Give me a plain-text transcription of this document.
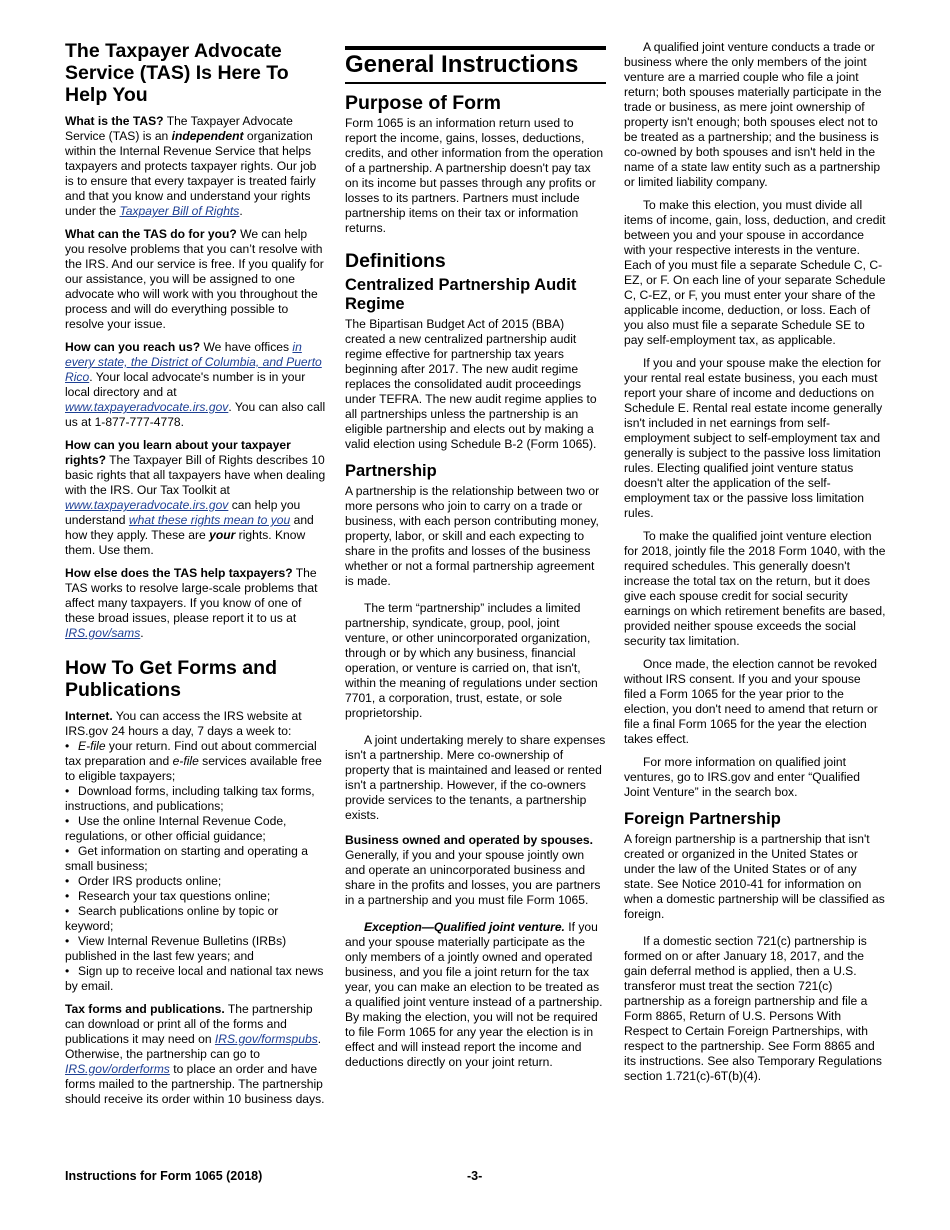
The Taxpayer Advocate Service (TAS) Is Here To Help You

What is the TAS? The Taxpayer Advocate Service (TAS) is an independent organization within the Internal Revenue Service that helps taxpayers and protects taxpayer rights. Our job is to ensure that every taxpayer is treated fairly and that you know and understand your rights under the Taxpayer Bill of Rights.

What can the TAS do for you? We can help you resolve problems that you can’t resolve with the IRS. And our service is free. If you qualify for our assistance, you will be assigned to one advocate who will work with you throughout the process and will do everything possible to resolve your issue.

How can you reach us? We have offices in every state, the District of Columbia, and Puerto Rico. Your local advocate's number is in your local directory and at www.taxpayeradvocate.irs.gov. You can also call us at 1-877-777-4778.

How can you learn about your taxpayer rights? The Taxpayer Bill of Rights describes 10 basic rights that all taxpayers have when dealing with the IRS. Our Tax Toolkit at www.taxpayeradvocate.irs.gov can help you understand what these rights mean to you and how they apply. These are your rights. Know them. Use them.

How else does the TAS help taxpayers? The TAS works to resolve large-scale problems that affect many taxpayers. If you know of one of these broad issues, please report it to us at IRS.gov/sams.

How To Get Forms and Publications
Internet. You can access the IRS website at IRS.gov 24 hours a day, 7 days a week to:
• E-file your return. Find out about commercial tax preparation and e-file services available free to eligible taxpayers;
• Download forms, including talking tax forms, instructions, and publications;
• Use the online Internal Revenue Code, regulations, or other official guidance;
• Get information on starting and operating a small business;
• Order IRS products online;
• Research your tax questions online;
• Search publications online by topic or keyword;
• View Internal Revenue Bulletins (IRBs) published in the last few years; and
• Sign up to receive local and national tax news by email.

Tax forms and publications. The partnership can download or print all of the forms and publications it may need on IRS.gov/formspubs. Otherwise, the partnership can go to IRS.gov/orderforms to place an order and have forms mailed to the partnership. The partnership should receive its order within 10 business days.

General Instructions
Purpose of Form

Form 1065 is an information return used to report the income, gains, losses, deductions, credits, and other information from the operation of a partnership. A partnership doesn't pay tax on its income but passes through any profits or losses to its partners. Partners must include partnership items on their tax or information returns.

Definitions
Centralized Partnership Audit Regime

The Bipartisan Budget Act of 2015 (BBA) created a new centralized partnership audit regime effective for partnership tax years beginning after 2017. The new audit regime replaces the consolidated audit proceedings under TEFRA. The new audit regime applies to all partnerships unless the partnership is an eligible partnership and elects out by making a valid election using Schedule B-2 (Form 1065).

Partnership

A partnership is the relationship between two or more persons who join to carry on a trade or business, with each person contributing money, property, labor, or skill and each expecting to share in the profits and losses of the business whether or not a formal partnership agreement is made.

The term “partnership” includes a limited partnership, syndicate, group, pool, joint venture, or other unincorporated organization, through or by which any business, financial operation, or venture is carried on, that isn't, within the meaning of regulations under section 7701, a corporation, trust, estate, or sole proprietorship.

A joint undertaking merely to share expenses isn't a partnership. Mere co-ownership of property that is maintained and leased or rented isn't a partnership. However, if the co-owners provide services to the tenants, a partnership exists.

Business owned and operated by spouses. Generally, if you and your spouse jointly own and operate an unincorporated business and share in the profits and losses, you are partners in a partnership and you must file Form 1065.

Exception—Qualified joint venture. If you and your spouse materially participate as the only members of a jointly owned and operated business, and you file a joint return for the tax year, you can make an election to be treated as a qualified joint venture instead of a partnership. By making the election, you will not be required to file Form 1065 for any year the election is in effect and will instead report the income and deductions directly on your joint return.

A qualified joint venture conducts a trade or business where the only members of the joint venture are a married couple who file a joint return; both spouses materially participate in the trade or business, as mere joint ownership of property isn't enough; both spouses elect not to be treated as a partnership; and the business is co-owned by both spouses and isn't held in the name of a state law entity such as a partnership or limited liability company.

To make this election, you must divide all items of income, gain, loss, deduction, and credit between you and your spouse in accordance with your respective interests in the venture. Each of you must file a separate Schedule C, C-EZ, or F. On each line of your separate Schedule C, C-EZ, or F, you must enter your share of the applicable income, deduction, or loss. Each of you also must file a separate Schedule SE to pay self-employment tax, as applicable.

If you and your spouse make the election for your rental real estate business, you each must report your share of income and deductions on Schedule E. Rental real estate income generally isn't included in net earnings from self-employment subject to self-employment tax and generally is subject to the passive loss limitation rules. Electing qualified joint venture status doesn't alter the application of the self-employment tax or the passive loss limitation rules.

To make the qualified joint venture election for 2018, jointly file the 2018 Form 1040, with the required schedules. This generally doesn't increase the total tax on the return, but it does give each spouse credit for social security earnings on which retirement benefits are based, provided neither spouse exceeds the social security tax limitation.

Once made, the election cannot be revoked without IRS consent. If you and your spouse filed a Form 1065 for the year prior to the election, you don't need to amend that return or file a final Form 1065 for the year the election takes effect.

For more information on qualified joint ventures, go to IRS.gov and enter “Qualified Joint Venture” in the search box.

Foreign Partnership

A foreign partnership is a partnership that isn't created or organized in the United States or under the law of the United States or of any state. See Notice 2010-41 for information on when a domestic partnership will be classified as foreign.

If a domestic section 721(c) partnership is formed on or after January 18, 2017, and the gain deferral method is applied, then a U.S. transferor must treat the section 721(c) partnership as a foreign partnership and file a Form 8865, Return of U.S. Persons With Respect to Certain Foreign Partnerships, with respect to the partnership. See Form 8865 and its instructions. See also Temporary Regulations section 1.721(c)-6T(b)(4).

Instructions for Form 1065 (2018)	-3-
